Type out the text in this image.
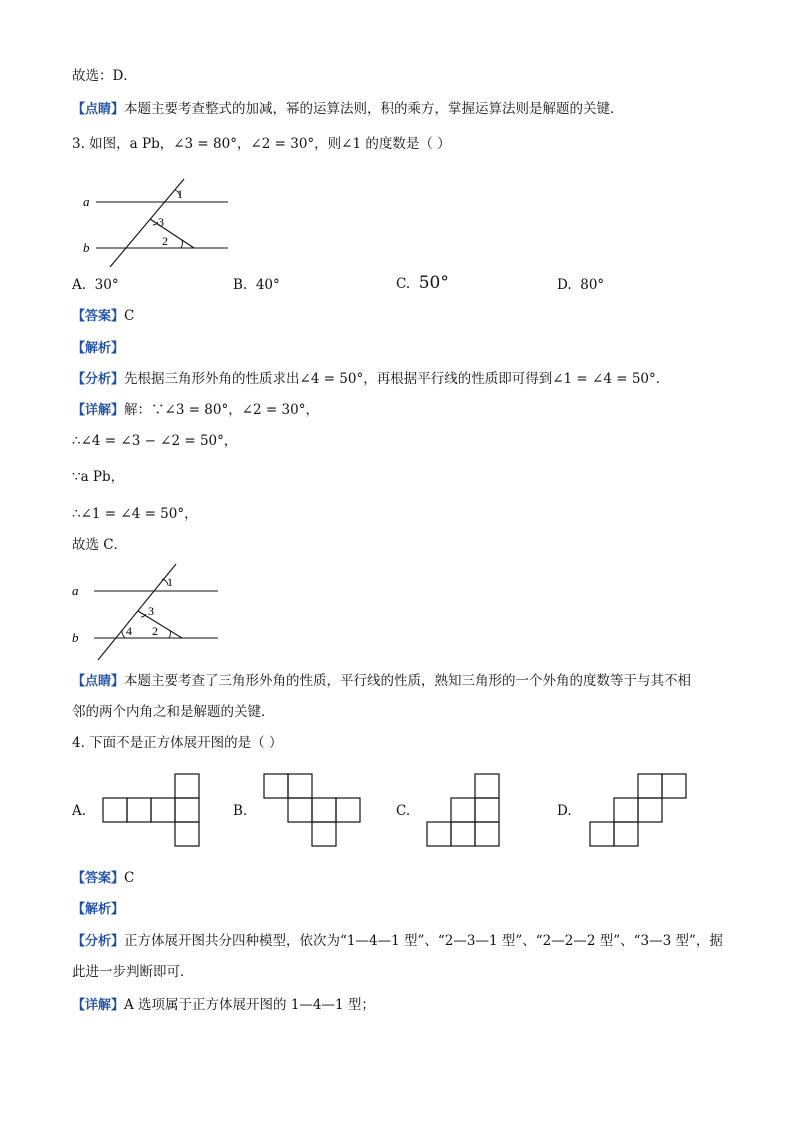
故选：D．
【点睛】本题主要考查整式的加减，幂的运算法则，积的乘方，掌握运算法则是解题的关键．
3. 如图，a Pb，∠3 = 80°，∠2 = 30°，则∠1 的度数是（ ）
a
b
1
3
2
A. 30°	B. 40°	C. 50°	D. 80°
【答案】C
【解析】
【分析】先根据三角形外角的性质求出∠4 = 50°，再根据平行线的性质即可得到∠1 = ∠4 = 50°．
【详解】解：∵∠3 = 80°，∠2 = 30°，
∴∠4 = ∠3 − ∠2 = 50°，
∵a Pb，
∴∠1 = ∠4 = 50°，
故选 C．
a
b
1
3
2
4
【点睛】本题主要考查了三角形外角的性质，平行线的性质，熟知三角形的一个外角的度数等于与其不相
邻的两个内角之和是解题的关键．
4. 下面不是正方体展开图的是（ ）
A.	B.	C.	D.
【答案】C
【解析】
【分析】正方体展开图共分四种模型，依次为“1—4—1 型”、“2—3—1 型”、“2—2—2 型”、“3—3 型”，据
此进一步判断即可．
【详解】A 选项属于正方体展开图的 1—4—1 型；
